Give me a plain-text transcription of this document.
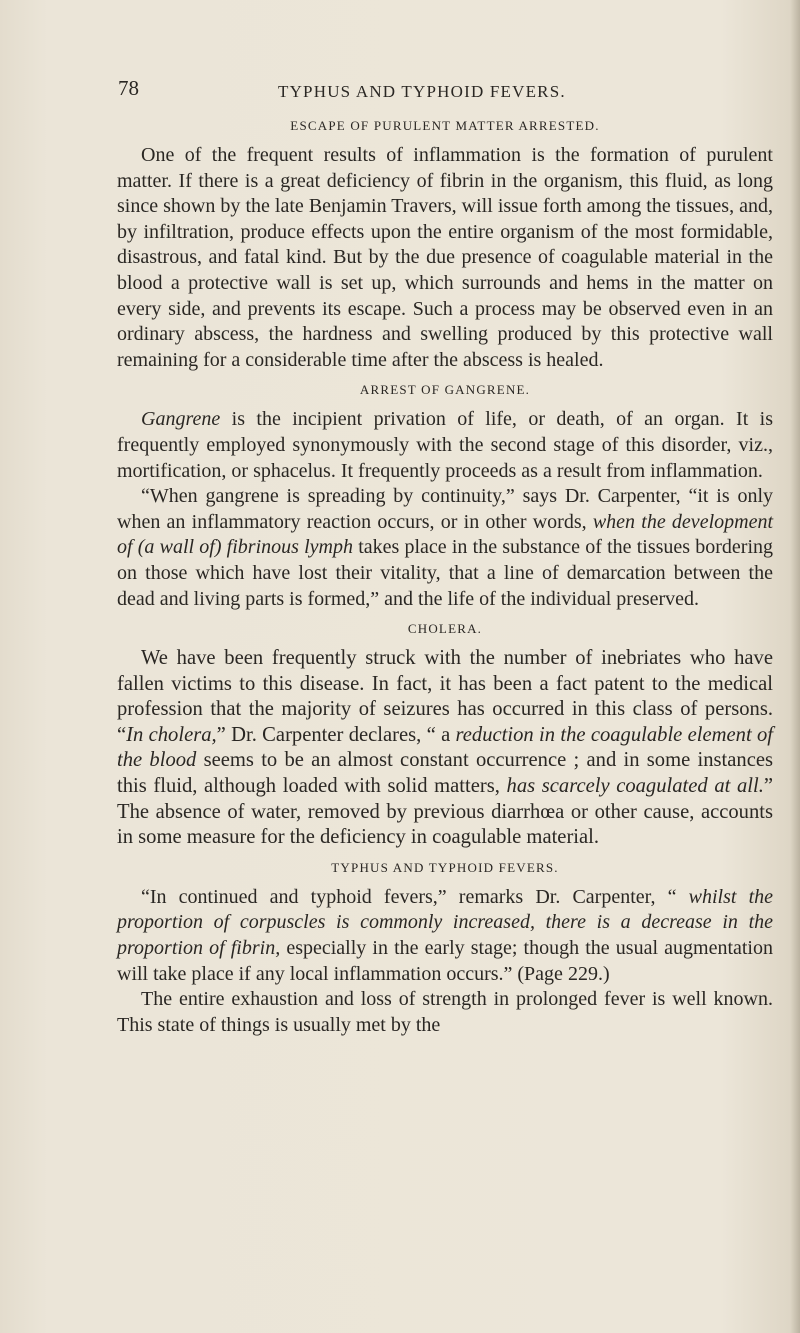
78	TYPHUS AND TYPHOID FEVERS.
ESCAPE OF PURULENT MATTER ARRESTED.

One of the frequent results of inflammation is the formation of purulent matter. If there is a great deficiency of fibrin in the organism, this fluid, as long since shown by the late Benjamin Travers, will issue forth among the tissues, and, by infiltration, produce effects upon the entire organism of the most formidable, disastrous, and fatal kind. But by the due presence of coagulable material in the blood a protective wall is set up, which surrounds and hems in the matter on every side, and prevents its escape. Such a process may be observed even in an ordinary abscess, the hardness and swelling produced by this protective wall remaining for a considerable time after the abscess is healed.

ARREST OF GANGRENE.

Gangrene is the incipient privation of life, or death, of an organ. It is frequently employed synonymously with the second stage of this disorder, viz., mortification, or sphacelus. It frequently proceeds as a result from inflammation.

“When gangrene is spreading by continuity,” says Dr. Carpenter, “it is only when an inflammatory reaction occurs, or in other words, when the development of (a wall of) fibrinous lymph takes place in the substance of the tissues bordering on those which have lost their vitality, that a line of demarcation between the dead and living parts is formed,” and the life of the individual preserved.

CHOLERA.

We have been frequently struck with the number of inebriates who have fallen victims to this disease. In fact, it has been a fact patent to the medical profession that the majority of seizures has occurred in this class of persons. “In cholera,” Dr. Carpenter declares, “ a reduction in the coagulable element of the blood seems to be an almost constant occurrence ; and in some instances this fluid, although loaded with solid matters, has scarcely coagulated at all.” The absence of water, removed by previous diarrhœa or other cause, accounts in some measure for the deficiency in coagulable material.

TYPHUS AND TYPHOID FEVERS.

“In continued and typhoid fevers,” remarks Dr. Carpenter, “ whilst the proportion of corpuscles is commonly increased, there is a decrease in the proportion of fibrin, especially in the early stage; though the usual augmentation will take place if any local inflammation occurs.” (Page 229.)

The entire exhaustion and loss of strength in prolonged fever is well known. This state of things is usually met by the
